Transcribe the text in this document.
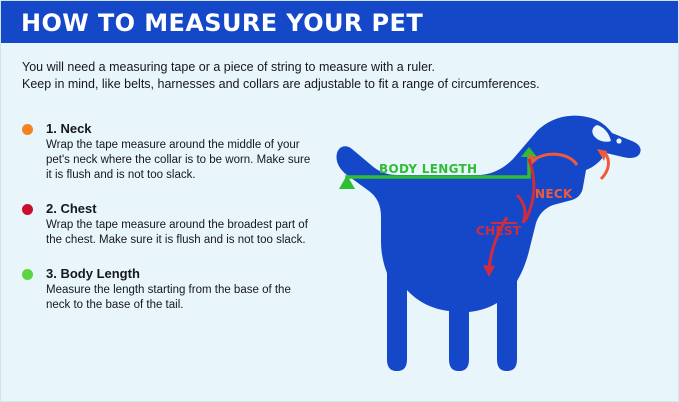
HOW TO MEASURE YOUR PET
You will need a measuring tape or a piece of string to measure with a ruler.
Keep in mind, like belts, harnesses and collars are adjustable to fit a range of circumferences.
1. Neck
Wrap the tape measure around the middle of your pet's neck where the collar is to be worn. Make sure it is flush and is not too slack.
2. Chest
Wrap the tape measure around the broadest part of the chest. Make sure it is flush and is not too slack.
3. Body Length
Measure the length starting from the base of the neck to the base of the tail.
BODY LENGTH
NECK
CHEST
